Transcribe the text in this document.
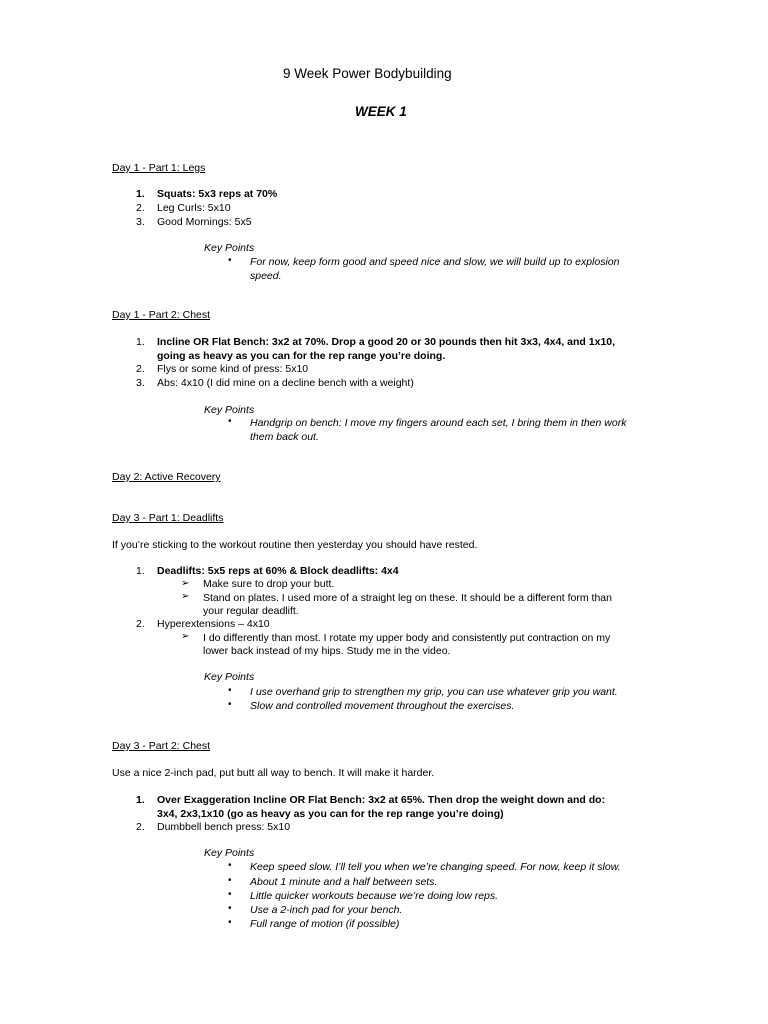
9 Week Power Bodybuilding
WEEK 1
Day 1 - Part 1: Legs
1. Squats: 5x3 reps at 70%
2. Leg Curls: 5x10
3. Good Mornings: 5x5
Key Points
• For now, keep form good and speed nice and slow, we will build up to explosion
speed.
Day 1 - Part 2: Chest
1. Incline OR Flat Bench: 3x2 at 70%. Drop a good 20 or 30 pounds then hit 3x3, 4x4, and 1x10,
going as heavy as you can for the rep range you’re doing.
2. Flys or some kind of press: 5x10
3. Abs: 4x10 (I did mine on a decline bench with a weight)
Key Points
• Handgrip on bench: I move my fingers around each set, I bring them in then work
them back out.
Day 2: Active Recovery
Day 3 - Part 1: Deadlifts
If you’re sticking to the workout routine then yesterday you should have rested.
1. Deadlifts: 5x5 reps at 60% & Block deadlifts: 4x4
➢ Make sure to drop your butt.
➢ Stand on plates. I used more of a straight leg on these. It should be a different form than
your regular deadlift.
2. Hyperextensions – 4x10
➢ I do differently than most. I rotate my upper body and consistently put contraction on my
lower back instead of my hips. Study me in the video.
Key Points
• I use overhand grip to strengthen my grip, you can use whatever grip you want.
• Slow and controlled movement throughout the exercises.
Day 3 - Part 2: Chest
Use a nice 2-inch pad, put butt all way to bench. It will make it harder.
1. Over Exaggeration Incline OR Flat Bench: 3x2 at 65%. Then drop the weight down and do:
3x4, 2x3,1x10 (go as heavy as you can for the rep range you’re doing)
2. Dumbbell bench press: 5x10
Key Points
• Keep speed slow. I’ll tell you when we’re changing speed. For now, keep it slow.
• About 1 minute and a half between sets.
• Little quicker workouts because we’re doing low reps.
• Use a 2-inch pad for your bench.
• Full range of motion (if possible)
